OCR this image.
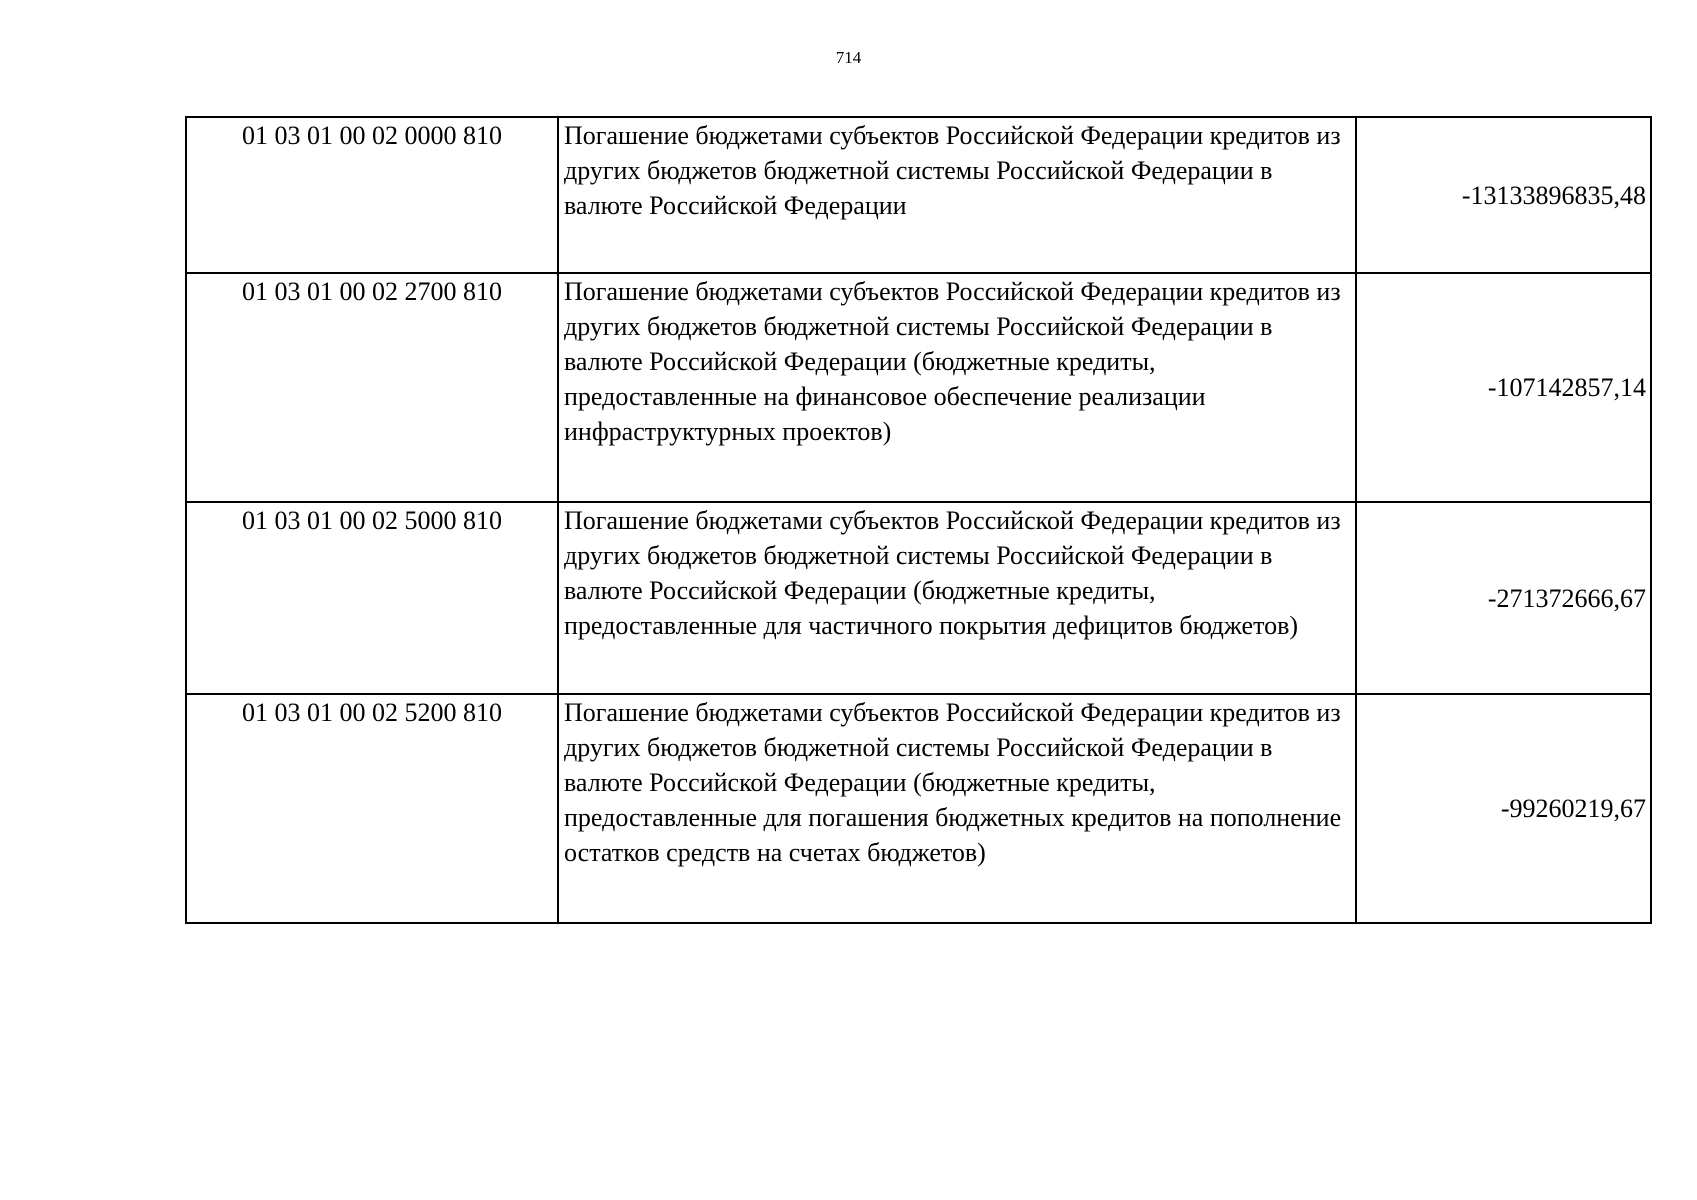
714
01 03 01 00 02 0000 810	Погашение бюджетами субъектов Российской Федерации кредитов из других бюджетов бюджетной системы Российской Федерации в валюте Российской Федерации	-13133896835,48
01 03 01 00 02 2700 810	Погашение бюджетами субъектов Российской Федерации кредитов из других бюджетов бюджетной системы Российской Федерации в валюте Российской Федерации (бюджетные кредиты, предоставленные на финансовое обеспечение реализации инфраструктурных проектов)	-107142857,14
01 03 01 00 02 5000 810	Погашение бюджетами субъектов Российской Федерации кредитов из других бюджетов бюджетной системы Российской Федерации в валюте Российской Федерации (бюджетные кредиты, предоставленные для частичного покрытия дефицитов бюджетов)	-271372666,67
01 03 01 00 02 5200 810	Погашение бюджетами субъектов Российской Федерации кредитов из других бюджетов бюджетной системы Российской Федерации в валюте Российской Федерации (бюджетные кредиты, предоставленные для погашения бюджетных кредитов на пополнение остатков средств на счетах бюджетов)	-99260219,67
